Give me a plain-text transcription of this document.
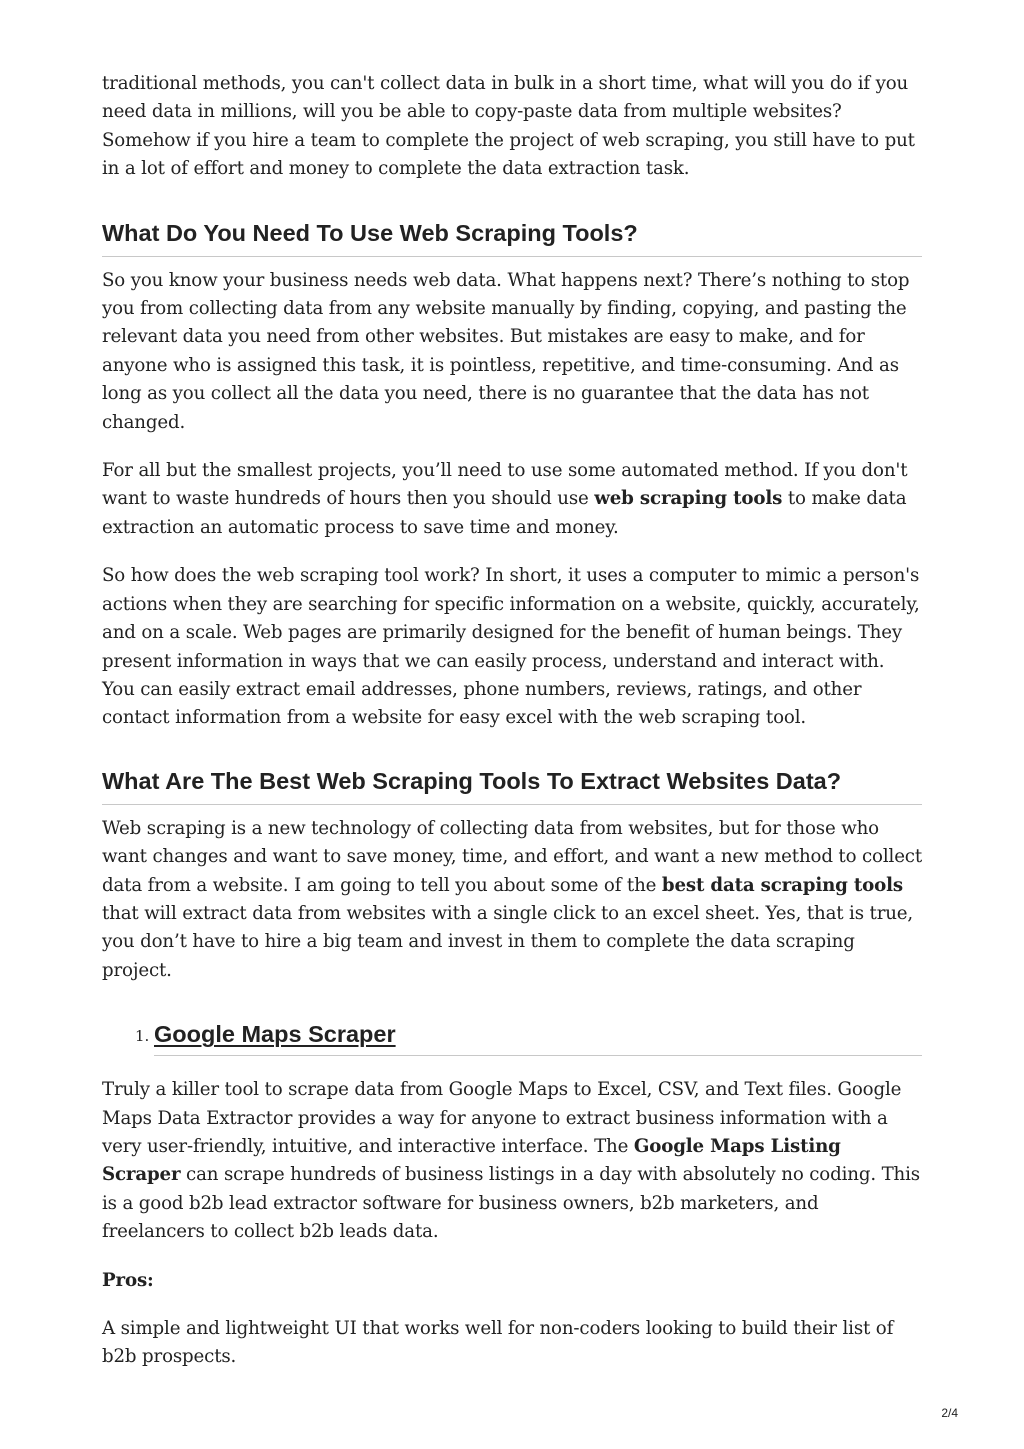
traditional methods, you can't collect data in bulk in a short time, what will you do if you need data in millions, will you be able to copy-paste data from multiple websites? Somehow if you hire a team to complete the project of web scraping, you still have to put in a lot of effort and money to complete the data extraction task.

What Do You Need To Use Web Scraping Tools?

So you know your business needs web data. What happens next? There’s nothing to stop you from collecting data from any website manually by finding, copying, and pasting the relevant data you need from other websites. But mistakes are easy to make, and for anyone who is assigned this task, it is pointless, repetitive, and time-consuming. And as long as you collect all the data you need, there is no guarantee that the data has not changed.

For all but the smallest projects, you’ll need to use some automated method. If you don't want to waste hundreds of hours then you should use web scraping tools to make data extraction an automatic process to save time and money.

So how does the web scraping tool work? In short, it uses a computer to mimic a person's actions when they are searching for specific information on a website, quickly, accurately, and on a scale. Web pages are primarily designed for the benefit of human beings. They present information in ways that we can easily process, understand and interact with. You can easily extract email addresses, phone numbers, reviews, ratings, and other contact information from a website for easy excel with the web scraping tool.

What Are The Best Web Scraping Tools To Extract Websites Data?

Web scraping is a new technology of collecting data from websites, but for those who want changes and want to save money, time, and effort, and want a new method to collect data from a website. I am going to tell you about some of the best data scraping tools that will extract data from websites with a single click to an excel sheet. Yes, that is true, you don’t have to hire a big team and invest in them to complete the data scraping project.

1. Google Maps Scraper

Truly a killer tool to scrape data from Google Maps to Excel, CSV, and Text files. Google Maps Data Extractor provides a way for anyone to extract business information with a very user-friendly, intuitive, and interactive interface. The Google Maps Listing Scraper can scrape hundreds of business listings in a day with absolutely no coding. This is a good b2b lead extractor software for business owners, b2b marketers, and freelancers to collect b2b leads data.

Pros:

A simple and lightweight UI that works well for non-coders looking to build their list of b2b prospects.

2/4
